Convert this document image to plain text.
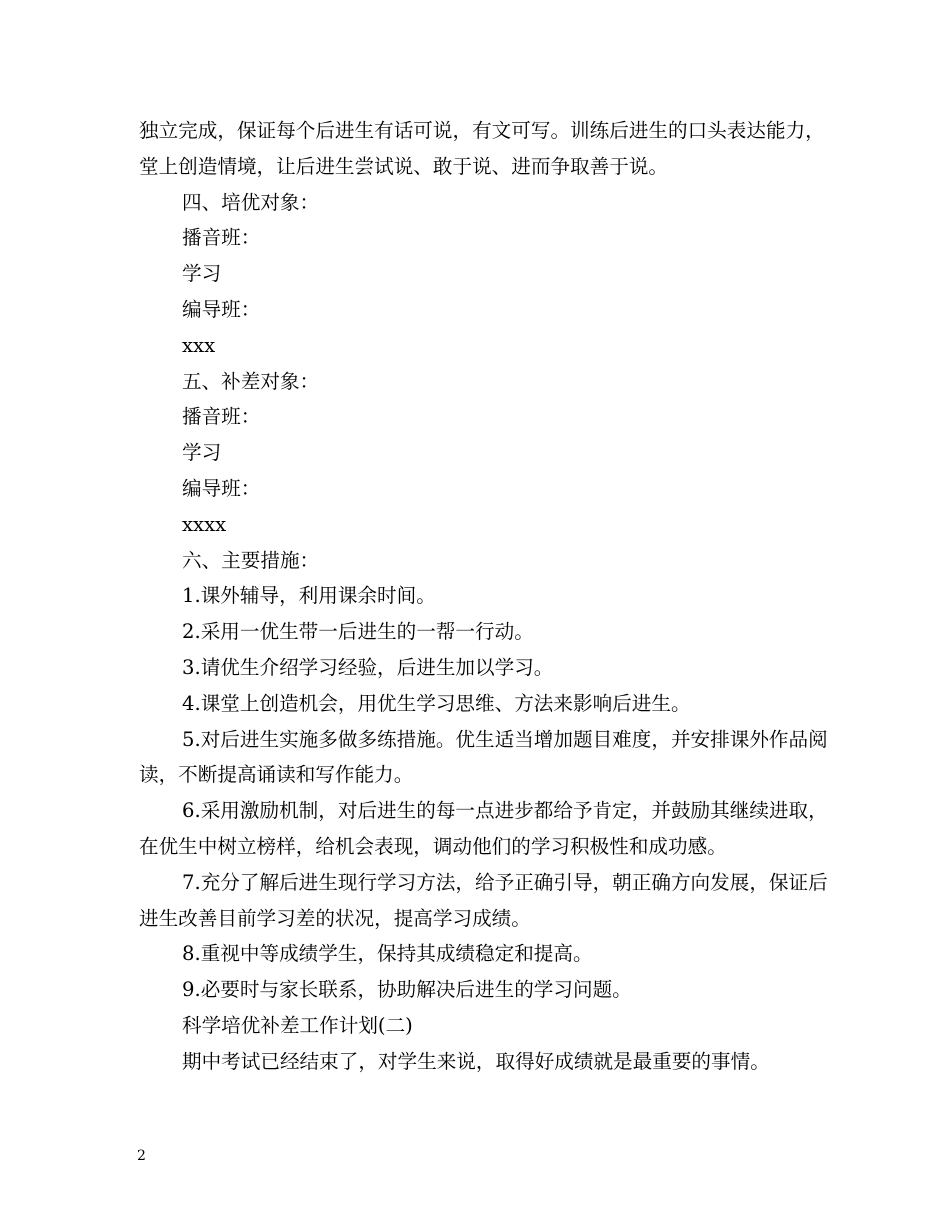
独立完成，保证每个后进生有话可说，有文可写。训练后进生的口头表达能力，堂上创造情境，让后进生尝试说、敢于说、进而争取善于说。

四、培优对象：

播音班：

学习

编导班：

xxx

五、补差对象：

播音班：

学习

编导班：

xxxx

六、主要措施：

1.课外辅导，利用课余时间。

2.采用一优生带一后进生的一帮一行动。

3.请优生介绍学习经验，后进生加以学习。

4.课堂上创造机会，用优生学习思维、方法来影响后进生。

5.对后进生实施多做多练措施。优生适当增加题目难度，并安排课外作品阅读，不断提高诵读和写作能力。

6.采用激励机制，对后进生的每一点进步都给予肯定，并鼓励其继续进取，在优生中树立榜样，给机会表现，调动他们的学习积极性和成功感。

7.充分了解后进生现行学习方法，给予正确引导，朝正确方向发展，保证后进生改善目前学习差的状况，提高学习成绩。

8.重视中等成绩学生，保持其成绩稳定和提高。

9.必要时与家长联系，协助解决后进生的学习问题。

科学培优补差工作计划(二)

期中考试已经结束了，对学生来说，取得好成绩就是最重要的事情。

2
